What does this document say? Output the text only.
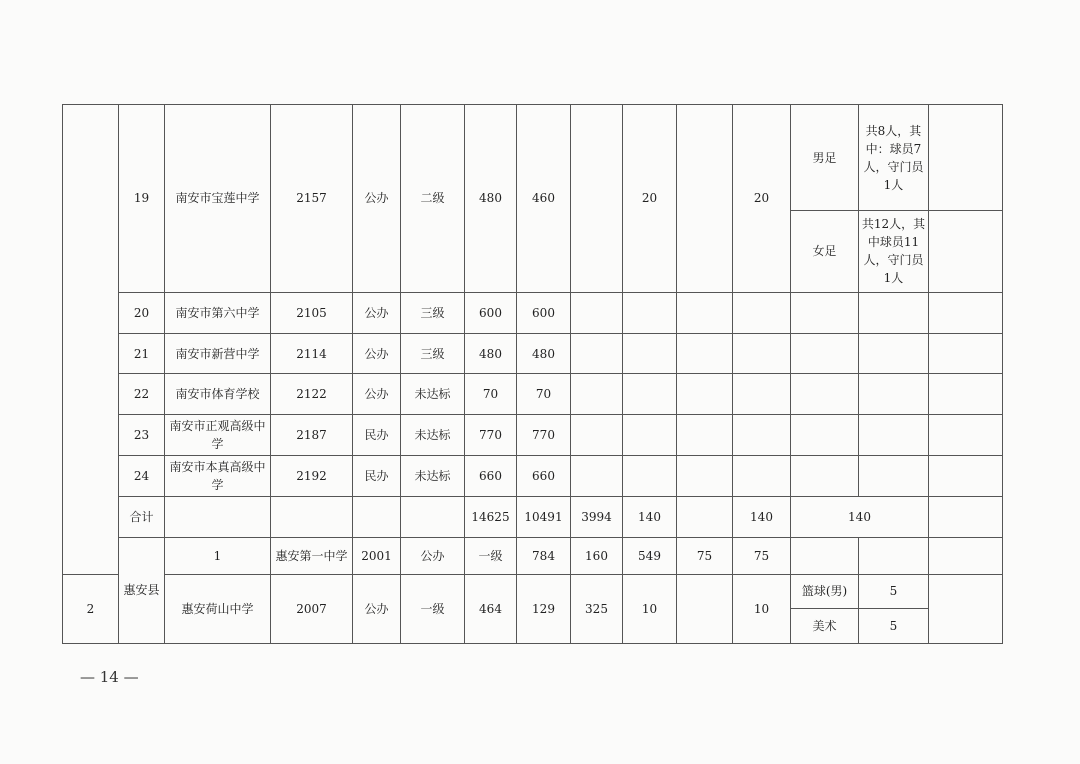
	19	南安市宝莲中学	2157	公办	二级	480	460		20		20	男足	共8人，其中：球员7人，守门员1人		
												女足	共12人，其中球员11人，守门员1人		
	20	南安市第六中学	2105	公办	三级	600	600								
	21	南安市新营中学	2114	公办	三级	480	480								
	22	南安市体育学校	2122	公办	未达标	70	70								
	23	南安市正观高级中学	2187	民办	未达标	770	770								
	24	南安市本真高级中学	2192	民办	未达标	660	660								
	合计					14625	10491	3994	140		140	140			
	惠安县	1	惠安第一中学	2001	公办	一级	784	160	549	75	75				
2		惠安荷山中学	2007	公办	一级	464	129	325	10		10	篮球(男)	5		
												美术	5		
— 14 —
